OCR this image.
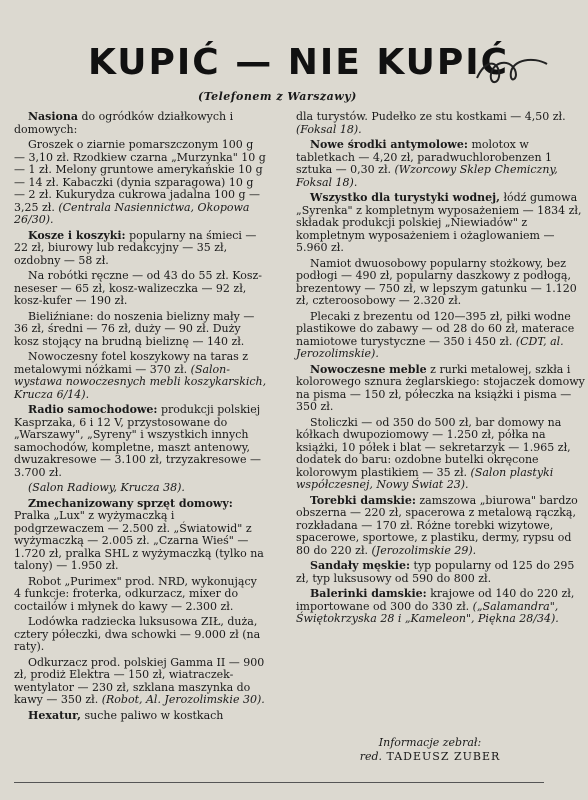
KUPIĆ — NIE KUPIĆ
(Telefonem z Warszawy)

Nasiona do ogródków działkowych i domowych:

Groszek o ziarnie pomarszczonym 100 g — 3,10 zł. Rzodkiew czarna „Murzynka" 10 g — 1 zł. Melony gruntowe amerykańskie 10 g — 14 zł. Kabaczki (dynia szparagowa) 10 g — 2 zł. Kukurydza cukrowa jadalna 100 g — 3,25 zł. (Centrala Nasiennictwa, Okopowa 26/30).

Kosze i koszyki: popularny na śmieci — 22 zł, biurowy lub redakcyjny — 35 zł, ozdobny — 58 zł.

Na robótki ręczne — od 43 do 55 zł. Kosz-neseser — 65 zł, kosz-walizeczka — 92 zł, kosz-kufer — 190 zł.

Bieliźniane: do noszenia bielizny mały — 36 zł, średni — 76 zł, duży — 90 zł. Duży kosz stojący na brudną bieliznę — 140 zł.

Nowoczesny fotel koszykowy na taras z metalowymi nóżkami — 370 zł. (Salon-wystawa nowoczesnych mebli koszykarskich, Krucza 6/14).

Radio samochodowe: produkcji polskiej Kasprzaka, 6 i 12 V, przystosowane do „Warszawy", „Syreny" i wszystkich innych samochodów, kompletne, maszt antenowy, dwuzakresowe — 3.100 zł, trzyzakresowe — 3.700 zł.

(Salon Radiowy, Krucza 38).

Zmechanizowany sprzęt domowy: Pralka „Lux" z wyżymaczką i podgrzewaczem — 2.500 zł. „Światowid" z wyżymaczką — 2.005 zł. „Czarna Wieś" — 1.720 zł, pralka SHL z wyżymaczką (tylko na talony) — 1.950 zł.

Robot „Purimex" prod. NRD, wykonujący 4 funkcje: froterka, odkurzacz, mixer do coctailów i młynek do kawy — 2.300 zł.

Lodówka radziecka luksusowa ZIŁ, duża, cztery półeczki, dwa schowki — 9.000 zł (na raty).

Odkurzacz prod. polskiej Gamma II — 900 zł, prodiż Elektra — 150 zł, wiatraczek-wentylator — 230 zł, szklana maszynka do kawy — 350 zł. (Robot, Al. Jerozolimskie 30).

Hexatur, suche paliwo w kostkach

dla turystów. Pudełko ze stu kostkami — 4,50 zł. (Foksal 18).

Nowe środki antymolowe: molotox w tabletkach — 4,20 zł, paradwuchlorobenzen 1 sztuka — 0,30 zł. (Wzorcowy Sklep Chemiczny, Foksal 18).

Wszystko dla turystyki wodnej, łódź gumowa „Syrenka" z kompletnym wyposażeniem — 1834 zł, składak produkcji polskiej „Niewiadów" z kompletnym wyposażeniem i ożaglowaniem — 5.960 zł.

Namiot dwuosobowy popularny stożkowy, bez podłogi — 490 zł, popularny daszkowy z podłogą, brezentowy — 750 zł, w lepszym gatunku — 1.120 zł, czteroosobowy — 2.320 zł.

Plecaki z brezentu od 120—395 zł, piłki wodne plastikowe do zabawy — od 28 do 60 zł, materace namiotowe turystyczne — 350 i 450 zł. (CDT, al. Jerozolimskie).

Nowoczesne meble z rurki metalowej, szkła i kolorowego sznura żeglarskiego: stojaczek domowy na pisma — 150 zł, półeczka na książki i pisma — 350 zł.

Stoliczki — od 350 do 500 zł, bar domowy na kółkach dwupoziomowy — 1.250 zł, półka na książki, 10 półek i blat — sekretarzyk — 1.965 zł, dodatek do baru: ozdobne butelki okręcone kolorowym plastikiem — 35 zł. (Salon plastyki współczesnej, Nowy Świat 23).

Torebki damskie: zamszowa „biurowa" bardzo obszerna — 220 zł, spacerowa z metalową rączką, rozkładana — 170 zł. Różne torebki wizytowe, spacerowe, sportowe, z plastiku, dermy, rypsu od 80 do 220 zł. (Jerozolimskie 29).

Sandały męskie: typ popularny od 125 do 295 zł, typ luksusowy od 590 do 800 zł.

Balerinki damskie: krajowe od 140 do 220 zł, importowane od 300 do 330 zł. („Salamandra", Świętokrzyska 28 i „Kameleon", Piękna 28/34).

Informacje zebrał:
red. TADEUSZ ZUBER
